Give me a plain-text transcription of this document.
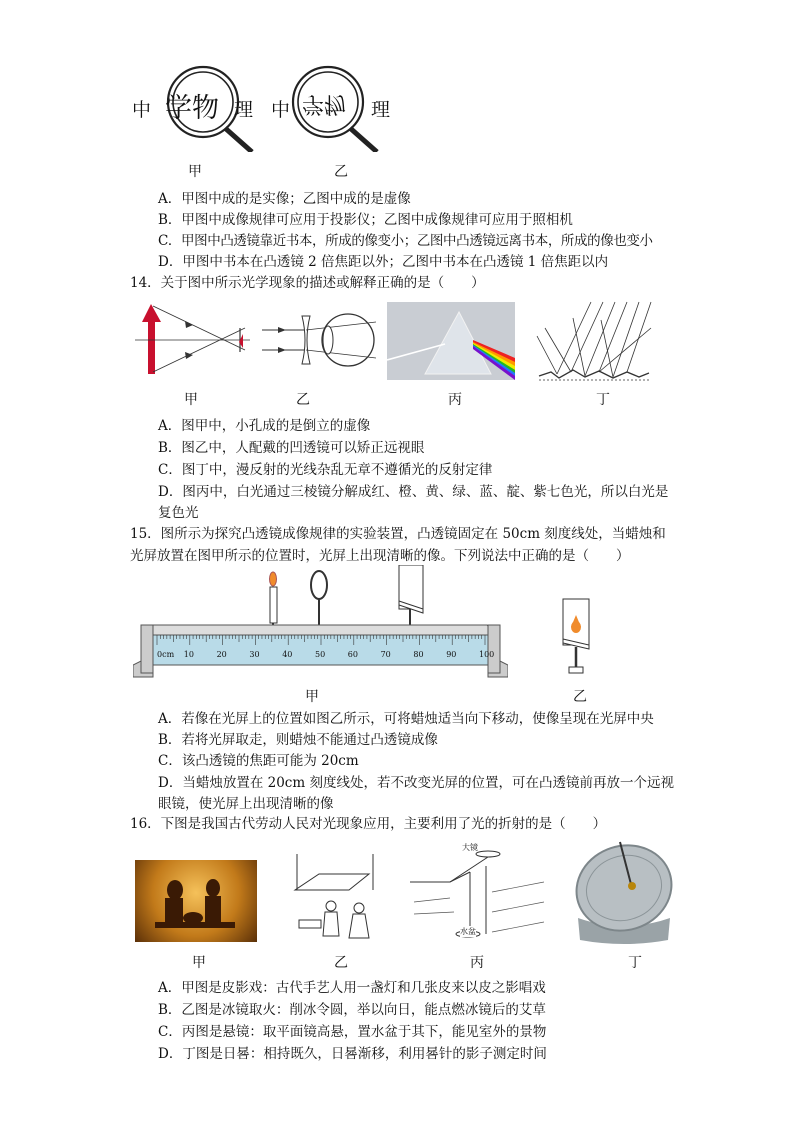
中 学物 理 中 学物 理
甲	乙
A．甲图中成的是实像；乙图中成的是虚像
B．甲图中成像规律可应用于投影仪；乙图中成像规律可应用于照相机
C．甲图中凸透镜靠近书本，所成的像变小；乙图中凸透镜远离书本，所成的像也变小
D．甲图中书本在凸透镜 2 倍焦距以外；乙图中书本在凸透镜 1 倍焦距以内
14．关于图中所示光学现象的描述或解释正确的是（　　）
甲	乙	丙	丁
A．图甲中，小孔成的是倒立的虚像
B．图乙中，人配戴的凹透镜可以矫正远视眼
C．图丁中，漫反射的光线杂乱无章不遵循光的反射定律
D．图丙中，白光通过三棱镜分解成红、橙、黄、绿、蓝、靛、紫七色光，所以白光是
复色光
15．图所示为探究凸透镜成像规律的实验装置，凸透镜固定在 50cm 刻度线处，当蜡烛和
光屏放置在图甲所示的位置时，光屏上出现清晰的像。下列说法中正确的是（　　）
0cm 10	20	30	40	50	60	70	80	90	100
甲	乙
A．若像在光屏上的位置如图乙所示，可将蜡烛适当向下移动，使像呈现在光屏中央
B．若将光屏取走，则蜡烛不能通过凸透镜成像
C．该凸透镜的焦距可能为 20cm
D．当蜡烛放置在 20cm 刻度线处，若不改变光屏的位置，可在凸透镜前再放一个远视
眼镜，使光屏上出现清晰的像
16．下图是我国古代劳动人民对光现象应用，主要利用了光的折射的是（　　）
大镜
水盆
甲	乙	丙	丁
A．甲图是皮影戏：古代手艺人用一盏灯和几张皮来以皮之影唱戏
B．乙图是冰镜取火：削冰令圆，举以向日，能点燃冰镜后的艾草
C．丙图是悬镜：取平面镜高悬，置水盆于其下，能见室外的景物
D．丁图是日晷：相持既久，日晷渐移，利用晷针的影子测定时间
